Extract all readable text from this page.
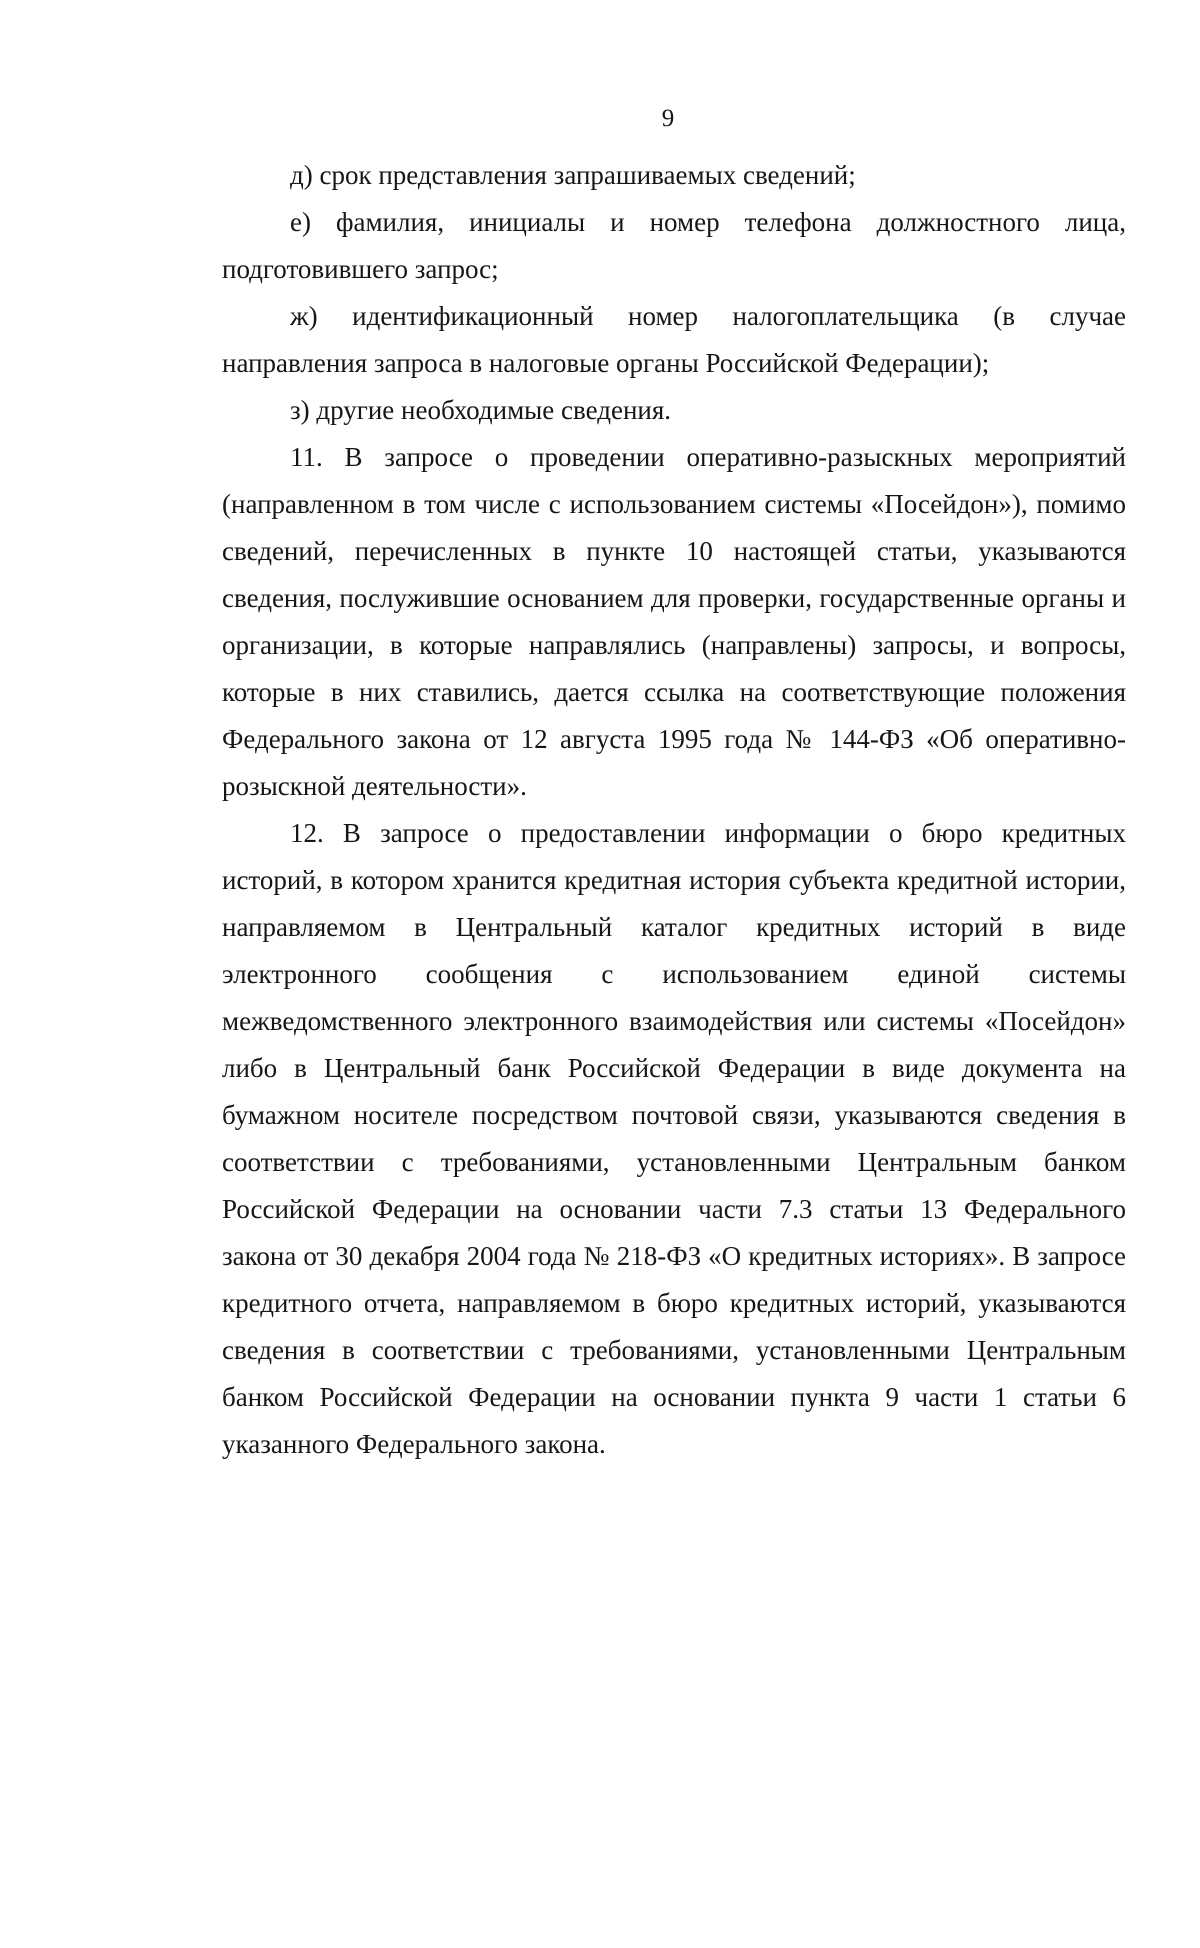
9

д) срок представления запрашиваемых сведений;

е) фамилия, инициалы и номер телефона должностного лица, подготовившего запрос;

ж) идентификационный номер налогоплательщика (в случае направления запроса в налоговые органы Российской Федерации);

з) другие необходимые сведения.

11. В запросе о проведении оперативно-разыскных мероприятий (направленном в том числе с использованием системы «Посейдон»), помимо сведений, перечисленных в пункте 10 настоящей статьи, указываются сведения, послужившие основанием для проверки, государственные органы и организации, в которые направлялись (направлены) запросы, и вопросы, которые в них ставились, дается ссылка на соответствующие положения Федерального закона от 12 августа 1995 года № 144-ФЗ «Об оперативно-розыскной деятельности».

12. В запросе о предоставлении информации о бюро кредитных историй, в котором хранится кредитная история субъекта кредитной истории, направляемом в Центральный каталог кредитных историй в виде электронного сообщения с использованием единой системы межведомственного электронного взаимодействия или системы «Посейдон» либо в Центральный банк Российской Федерации в виде документа на бумажном носителе посредством почтовой связи, указываются сведения в соответствии с требованиями, установленными Центральным банком Российской Федерации на основании части 7.3 статьи 13 Федерального закона от 30 декабря 2004 года № 218-ФЗ «О кредитных историях». В запросе кредитного отчета, направляемом в бюро кредитных историй, указываются сведения в соответствии с требованиями, установленными Центральным банком Российской Федерации на основании пункта 9 части 1 статьи 6 указанного Федерального закона.
